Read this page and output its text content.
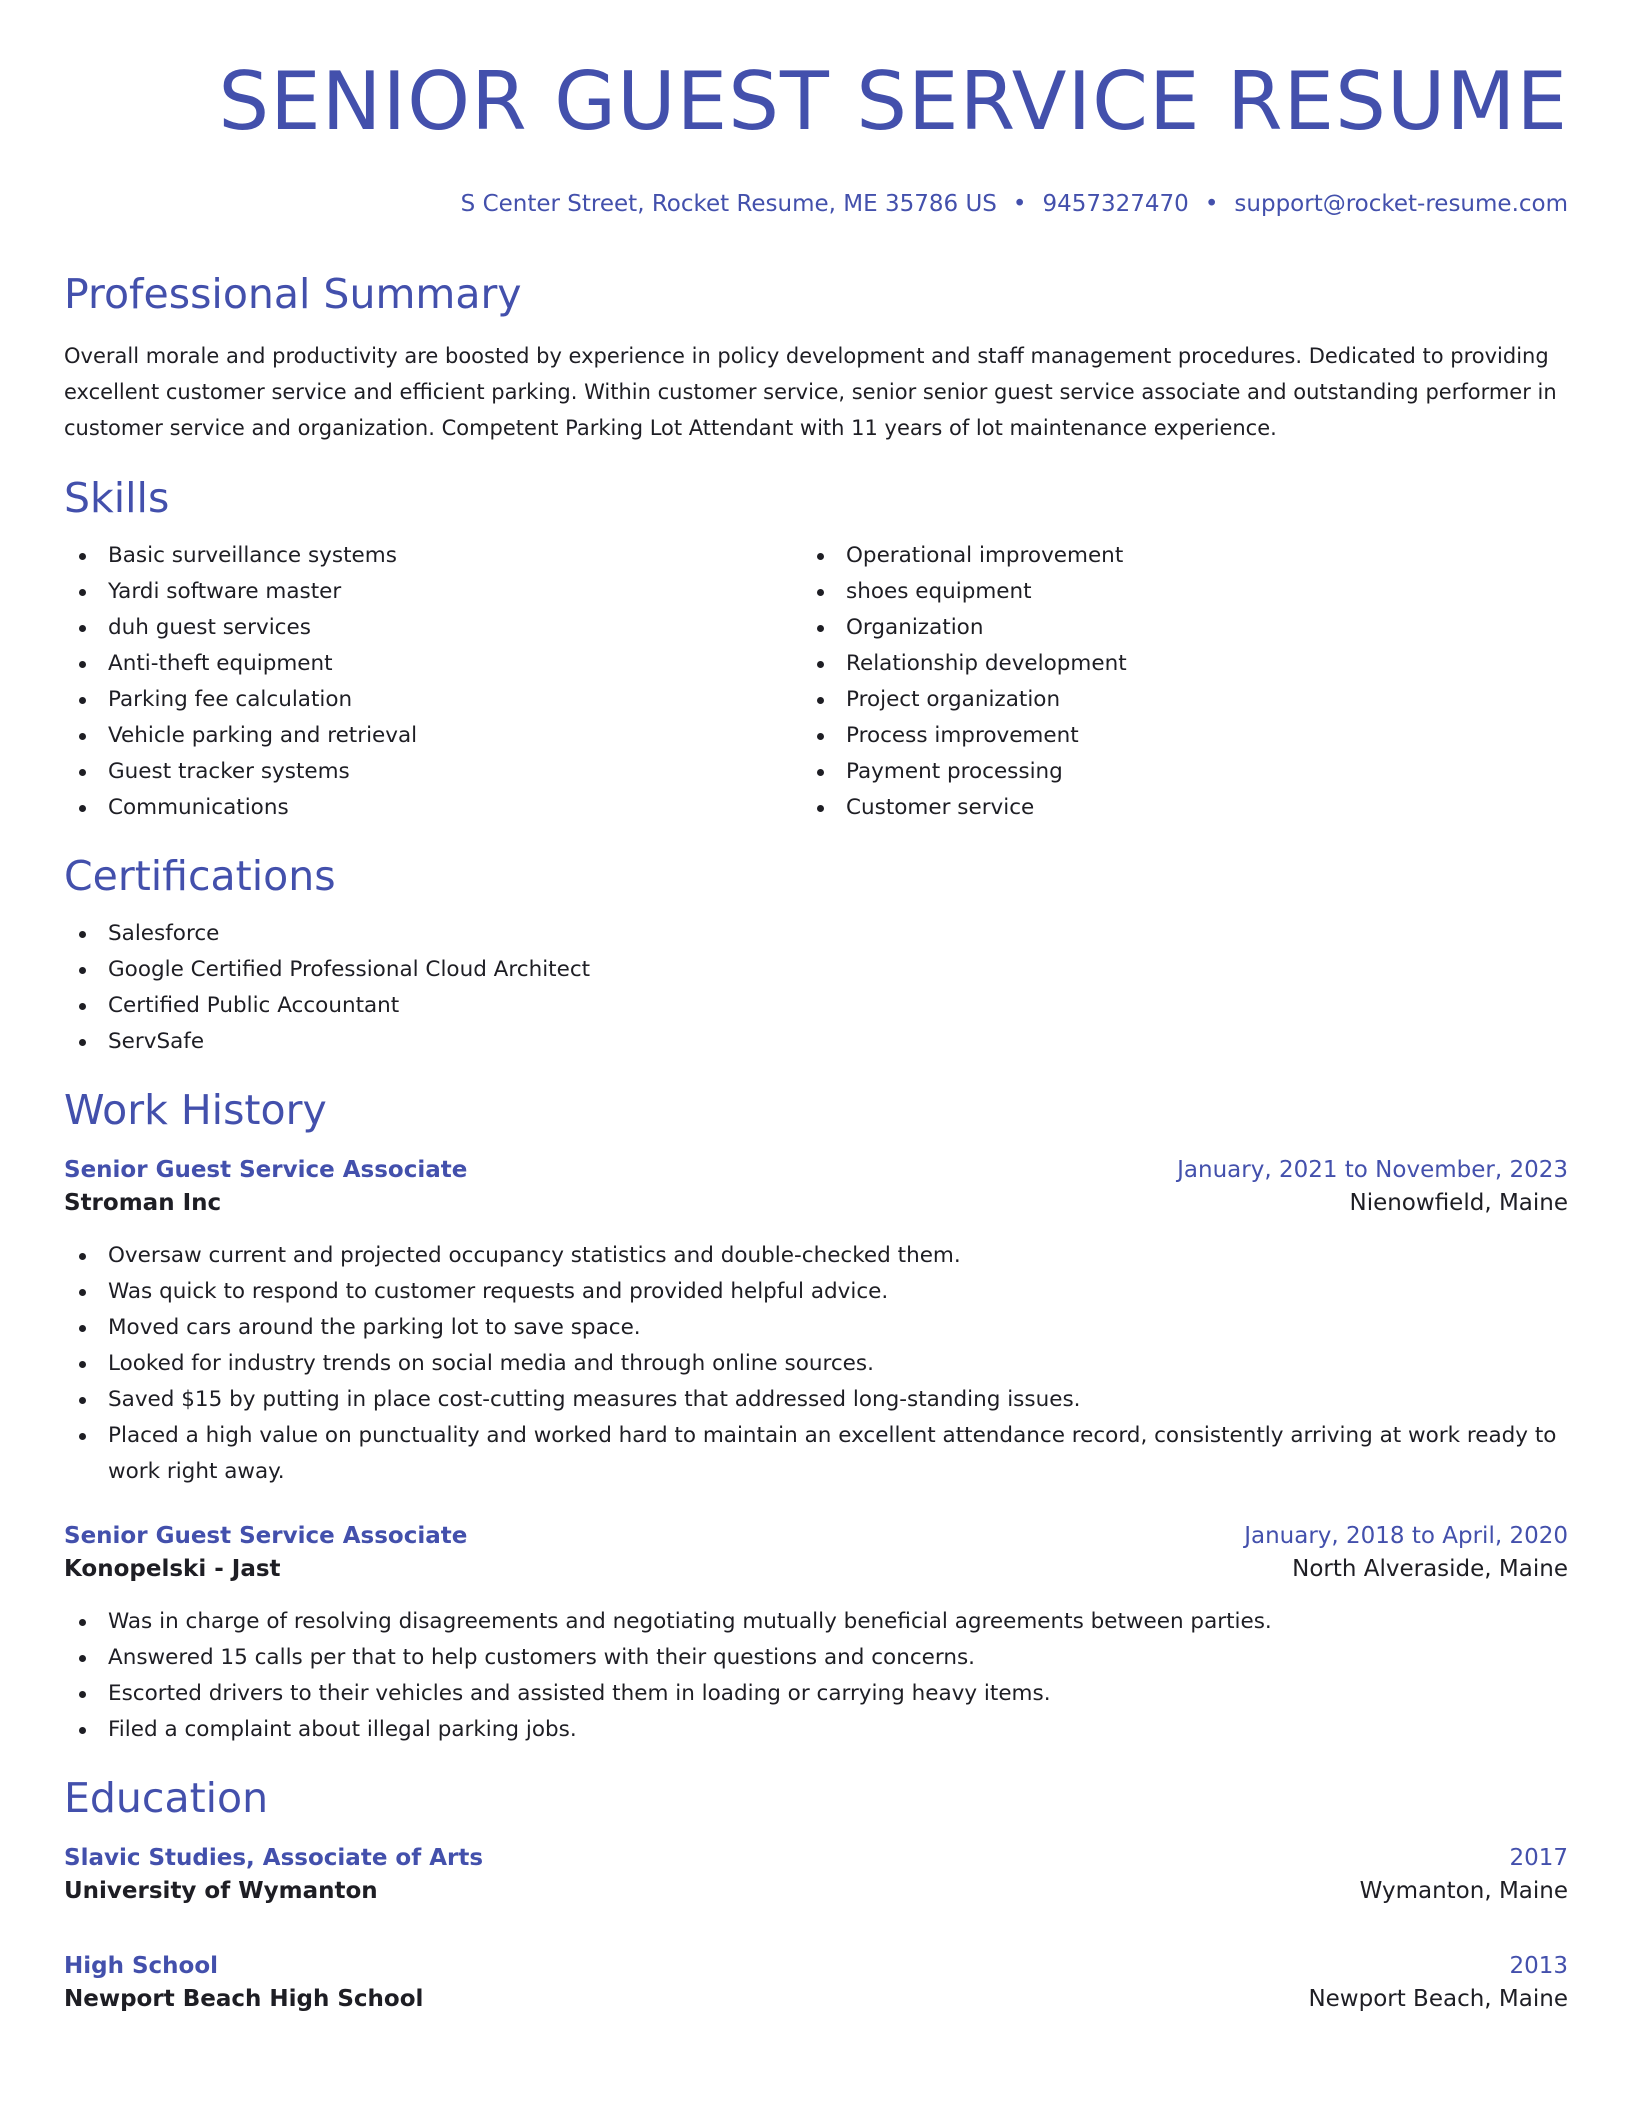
SENIOR GUEST SERVICE RESUME
S Center Street, Rocket Resume, ME 35786 US • 9457327470 • support@rocket-resume.com
Professional Summary

Overall morale and productivity are boosted by experience in policy development and staff management procedures. Dedicated to providing excellent customer service and efficient parking. Within customer service, senior senior guest service associate and outstanding performer in customer service and organization. Competent Parking Lot Attendant with 11 years of lot maintenance experience.

Skills
Basic surveillance systems
Yardi software master
duh guest services
Anti-theft equipment
Parking fee calculation
Vehicle parking and retrieval
Guest tracker systems
Communications
Operational improvement
shoes equipment
Organization
Relationship development
Project organization
Process improvement
Payment processing
Customer service
Certifications
Salesforce
Google Certified Professional Cloud Architect
Certified Public Accountant
ServSafe
Work History
Senior Guest Service Associate	January, 2021 to November, 2023
Stroman Inc	Nienowfield, Maine
Oversaw current and projected occupancy statistics and double-checked them.
Was quick to respond to customer requests and provided helpful advice.
Moved cars around the parking lot to save space.
Looked for industry trends on social media and through online sources.
Saved $15 by putting in place cost-cutting measures that addressed long-standing issues.
Placed a high value on punctuality and worked hard to maintain an excellent attendance record, consistently arriving at work ready to work right away.
Senior Guest Service Associate	January, 2018 to April, 2020
Konopelski - Jast	North Alveraside, Maine
Was in charge of resolving disagreements and negotiating mutually beneficial agreements between parties.
Answered 15 calls per that to help customers with their questions and concerns.
Escorted drivers to their vehicles and assisted them in loading or carrying heavy items.
Filed a complaint about illegal parking jobs.
Education
Slavic Studies, Associate of Arts	2017
University of Wymanton	Wymanton, Maine
High School	2013
Newport Beach High School	Newport Beach, Maine
